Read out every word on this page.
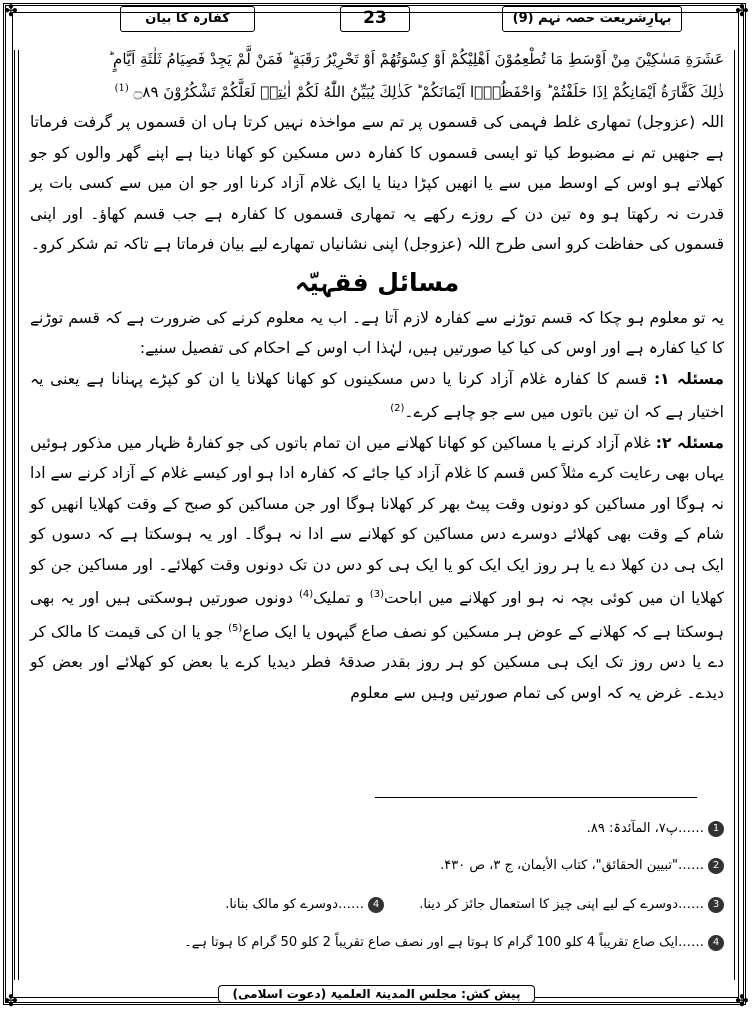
✤	✤
✤	✤
کفارہ کا بیان	23	بہارِشریعت حصہ نہم (9)
عَشَرَةِ مَسٰكِيْنَ مِنْ اَوْسَطِ مَا تُطْعِمُوْنَ اَهْلِيْكُمْ اَوْ كِسْوَتُهُمْ اَوْ تَحْرِيْرُ رَقَبَةٍ ؕ فَمَنْ لَّمْ يَجِدْ فَصِيَامُ ثَلٰثَةِ اَيَّامٍ ؕ
ذٰلِكَ كَفَّارَةُ اَيْمَانِكُمْ اِذَا حَلَفْتُمْ ؕ وَاحْفَظُوْۤا اَيْمَانَكُمْ ؕ كَذٰلِكَ يُبَيِّنُ اللّٰهُ لَكُمْ اٰيٰتِهٖ لَعَلَّكُمْ تَشْكُرُوْنَ ۝٨٩ $^{(1)}$

اللہ (عزوجل) تمھاری غلط فہمی کی قسموں پر تم سے مواخذہ نہیں کرتا ہاں ان قسموں پر گرفت فرماتا ہے جنھیں تم نے مضبوط کیا تو ایسی قسموں کا کفارہ دس مسکین کو کھانا دینا ہے اپنے گھر والوں کو جو کھلاتے ہو اوس کے اوسط میں سے یا انھیں کپڑا دینا یا ایک غلام آزاد کرنا اور جو ان میں سے کسی بات پر قدرت نہ رکھتا ہو وہ تین دن کے روزے رکھے یہ تمھاری قسموں کا کفارہ ہے جب قسم کھاؤ۔ اور اپنی قسموں کی حفاظت کرو اسی طرح اللہ (عزوجل) اپنی نشانیاں تمھارے لیے بیان فرماتا ہے تاکہ تم شکر کرو۔

مسائل فقہیّہ

یہ تو معلوم ہو چکا کہ قسم توڑنے سے کفارہ لازم آتا ہے۔ اب یہ معلوم کرنے کی ضرورت ہے کہ قسم توڑنے کا کیا کفارہ ہے اور اوس کی کیا کیا صورتیں ہیں، لہٰذا اب اوس کے احکام کی تفصیل سنیے:

مسئلہ ۱: قسم کا کفارہ غلام آزاد کرنا یا دس مسکینوں کو کھانا کھلانا یا ان کو کپڑے پہنانا ہے یعنی یہ اختیار ہے کہ ان تین باتوں میں سے جو چاہے کرے۔$^{(2)}$

مسئلہ ۲: غلام آزاد کرنے یا مساکین کو کھانا کھلانے میں ان تمام باتوں کی جو کفارۂ ظہار میں مذکور ہوئیں یہاں بھی رعایت کرے مثلاً کس قسم کا غلام آزاد کیا جائے کہ کفارہ ادا ہو اور کیسے غلام کے آزاد کرنے سے ادا نہ ہوگا اور مساکین کو دونوں وقت پیٹ بھر کر کھلانا ہوگا اور جن مساکین کو صبح کے وقت کھلایا انھیں کو شام کے وقت بھی کھلائے دوسرے دس مساکین کو کھلانے سے ادا نہ ہوگا۔ اور یہ ہوسکتا ہے کہ دسوں کو ایک ہی دن کھلا دے یا ہر روز ایک ایک کو یا ایک ہی کو دس دن تک دونوں وقت کھلائے۔ اور مساکین جن کو کھلایا ان میں کوئی بچہ نہ ہو اور کھلانے میں اباحت$^{(3)}$ و تملیک$^{(4)}$ دونوں صورتیں ہوسکتی ہیں اور یہ بھی ہوسکتا ہے کہ کھلانے کے عوض ہر مسکین کو نصف صاع گیہوں یا ایک صاع$^{(5)}$ جو یا ان کی قیمت کا مالک کر دے یا دس روز تک ایک ہی مسکین کو ہر روز بقدر صدقۂ فطر دیدیا کرے یا بعض کو کھلائے اور بعض کو دیدے۔ غرض یہ کہ اوس کی تمام صورتیں وہیں سے معلوم

1……پ۷، المآئدۃ: ۸۹.
2……"تبیین الحقائق"، کتاب الأیمان، ج ۳، ص ۴۳۰.
3……دوسرے کے لیے اپنی چیز کا استعمال جائز کر دینا.
4……دوسرے کو مالک بنانا.
4……ایک صاع تقریباً 4 کلو 100 گرام کا ہوتا ہے اور نصف صاع تقریباً 2 کلو 50 گرام کا ہوتا ہے۔
پیش کش: مجلس المدینۃ العلمیۃ (دعوت اسلامی)
